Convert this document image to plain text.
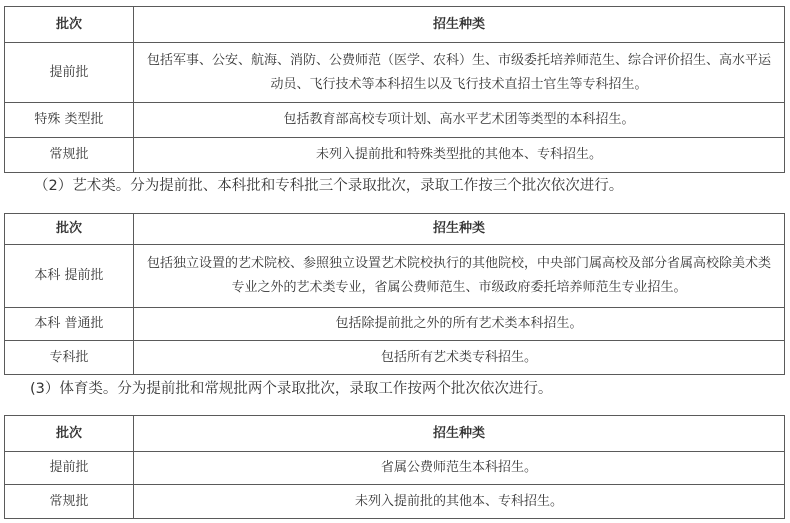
批次	招生种类
提前批	包括军事、公安、航海、消防、公费师范（医学、农科）生、市级委托培养师范生、综合评价招生、高水平运动员、飞行技术等本科招生以及飞行技术直招士官生等专科招生。
特殊 类型批	包括教育部高校专项计划、高水平艺术团等类型的本科招生。
常规批	未列入提前批和特殊类型批的其他本、专科招生。
（2）艺术类。分为提前批、本科批和专科批三个录取批次，录取工作按三个批次依次进行。
批次	招生种类
本科 提前批	包括独立设置的艺术院校、参照独立设置艺术院校执行的其他院校，中央部门属高校及部分省属高校除美术类专业之外的艺术类专业，省属公费师范生、市级政府委托培养师范生专业招生。
本科 普通批	包括除提前批之外的所有艺术类本科招生。
专科批	包括所有艺术类专科招生。
(3）体育类。分为提前批和常规批两个录取批次，录取工作按两个批次依次进行。
批次	招生种类
提前批	省属公费师范生本科招生。
常规批	未列入提前批的其他本、专科招生。
